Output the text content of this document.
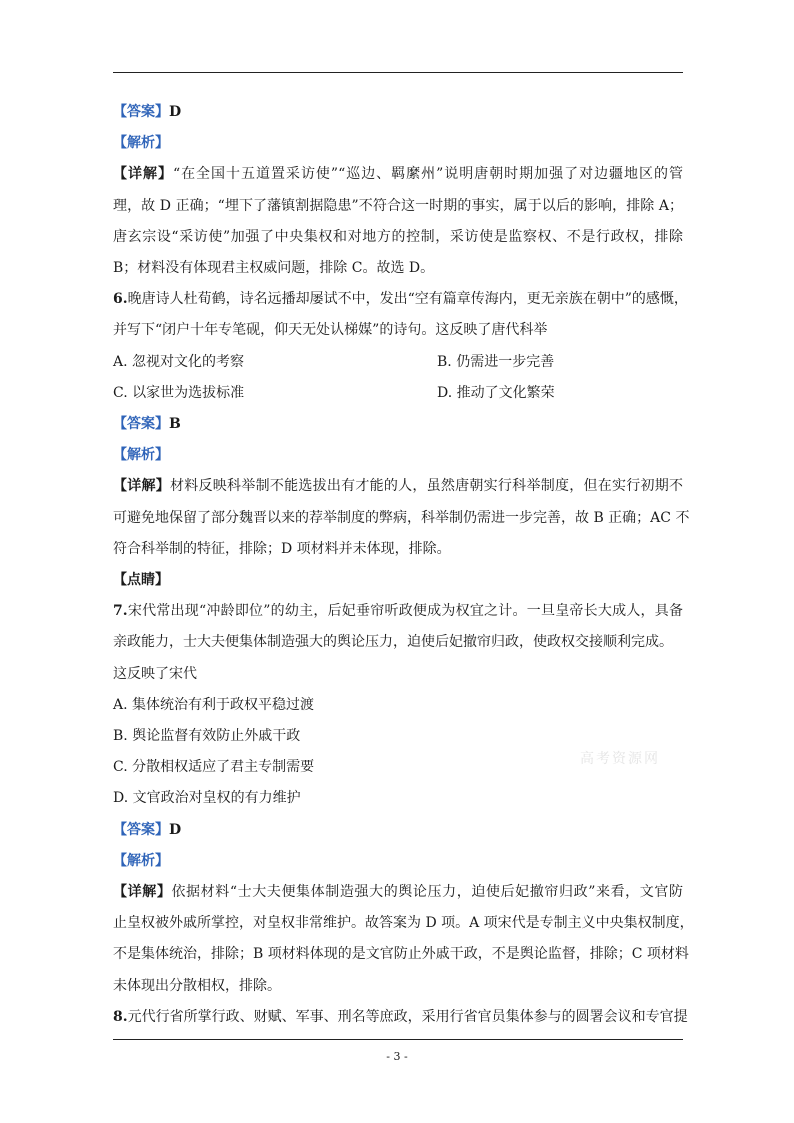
【答案】D
【解析】
【详解】“在全国十五道置采访使”“巡边、羁縻州”说明唐朝时期加强了对边疆地区的管
理，故 D 正确；“埋下了藩镇割据隐患”不符合这一时期的事实，属于以后的影响，排除 A；
唐玄宗设“采访使”加强了中央集权和对地方的控制，采访使是监察权、不是行政权，排除
B；材料没有体现君主权威问题，排除 C。故选 D。
6.晚唐诗人杜荀鹤，诗名远播却屡试不中，发出“空有篇章传海内，更无亲族在朝中”的感慨，
并写下“闭户十年专笔砚，仰天无处认梯媒”的诗句。这反映了唐代科举
A. 忽视对文化的考察	B. 仍需进一步完善
C. 以家世为选拔标准	D. 推动了文化繁荣
【答案】B
【解析】
【详解】材料反映科举制不能选拔出有才能的人，虽然唐朝实行科举制度，但在实行初期不
可避免地保留了部分魏晋以来的荐举制度的弊病，科举制仍需进一步完善，故 B 正确；AC 不
符合科举制的特征，排除；D 项材料并未体现，排除。
【点睛】
7.宋代常出现“冲龄即位”的幼主，后妃垂帘听政便成为权宜之计。一旦皇帝长大成人，具备
亲政能力，士大夫便集体制造强大的舆论压力，迫使后妃撤帘归政，使政权交接顺利完成。
这反映了宋代
A. 集体统治有利于政权平稳过渡
B. 舆论监督有效防止外戚干政
C. 分散相权适应了君主专制需要
D. 文官政治对皇权的有力维护
高考资源网
【答案】D
【解析】
【详解】依据材料“士大夫便集体制造强大的舆论压力，迫使后妃撤帘归政”来看，文官防
止皇权被外戚所掌控，对皇权非常维护。故答案为 D 项。A 项宋代是专制主义中央集权制度，
不是集体统治，排除；B 项材料体现的是文官防止外戚干政，不是舆论监督，排除；C 项材料
未体现出分散相权，排除。
8.元代行省所掌行政、财赋、军事、刑名等庶政，采用行省官员集体参与的圆署会议和专官提
- 3 -
